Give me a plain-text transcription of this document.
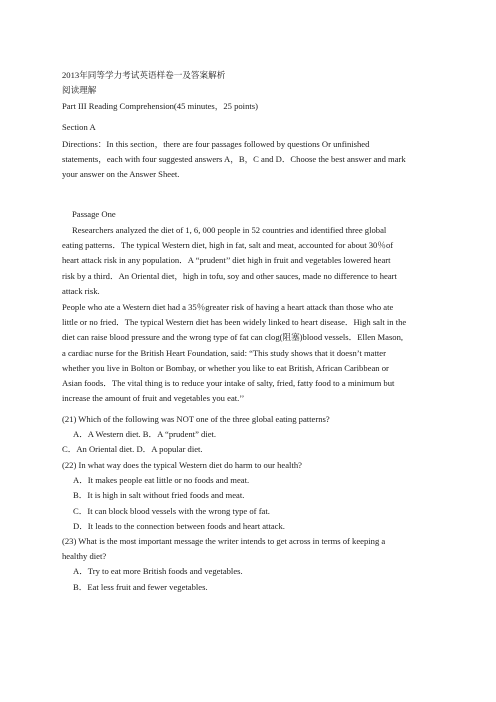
2013年同等学力考试英语样卷一及答案解析
阅读理解
Part III Reading Comprehension(45 minutes，25 points)
Section A
Directions：In this section，there are four passages followed by questions Or unfinished
statements，each with four suggested answers A，B，C and D．Choose the best answer and mark
your answer on the Answer Sheet.
Passage One
Researchers analyzed the diet of 1, 6, 000 people in 52 countries and identified three global
eating patterns．The typical Western diet, high in fat, salt and meat, accounted for about 30％of
heart attack risk in any population．A “prudent’’ diet high in fruit and vegetables lowered heart
risk by a third．An Oriental diet，high in tofu, soy and other sauces, made no difference to heart
attack risk.
People who ate a Western diet had a 35％greater risk of having a heart attack than those who ate
little or no fried．The typical Western diet has been widely linked to heart disease．High salt in the
diet can raise blood pressure and the wrong type of fat can clog(阻塞)blood vessels．Ellen Mason,
a cardiac nurse for the British Heart Foundation, said: “This study shows that it doesn’t matter
whether you live in Bolton or Bombay, or whether you like to eat British, African Caribbean or
Asian foods．The vital thing is to reduce your intake of salty, fried, fatty food to a minimum but
increase the amount of fruit and vegetables you eat.’’
(21) Which of the following was NOT one of the three global eating patterns?
A．A Western diet. B．A “prudent” diet.
C．An Oriental diet. D．A popular diet.
(22) In what way does the typical Western diet do harm to our health?
A．It makes people eat little or no foods and meat.
B．It is high in salt without fried foods and meat.
C．It can block blood vessels with the wrong type of fat.
D．It leads to the connection between foods and heart attack.
(23) What is the most important message the writer intends to get across in terms of keeping a
healthy diet?
A．Try to eat more British foods and vegetables.
B．Eat less fruit and fewer vegetables.
